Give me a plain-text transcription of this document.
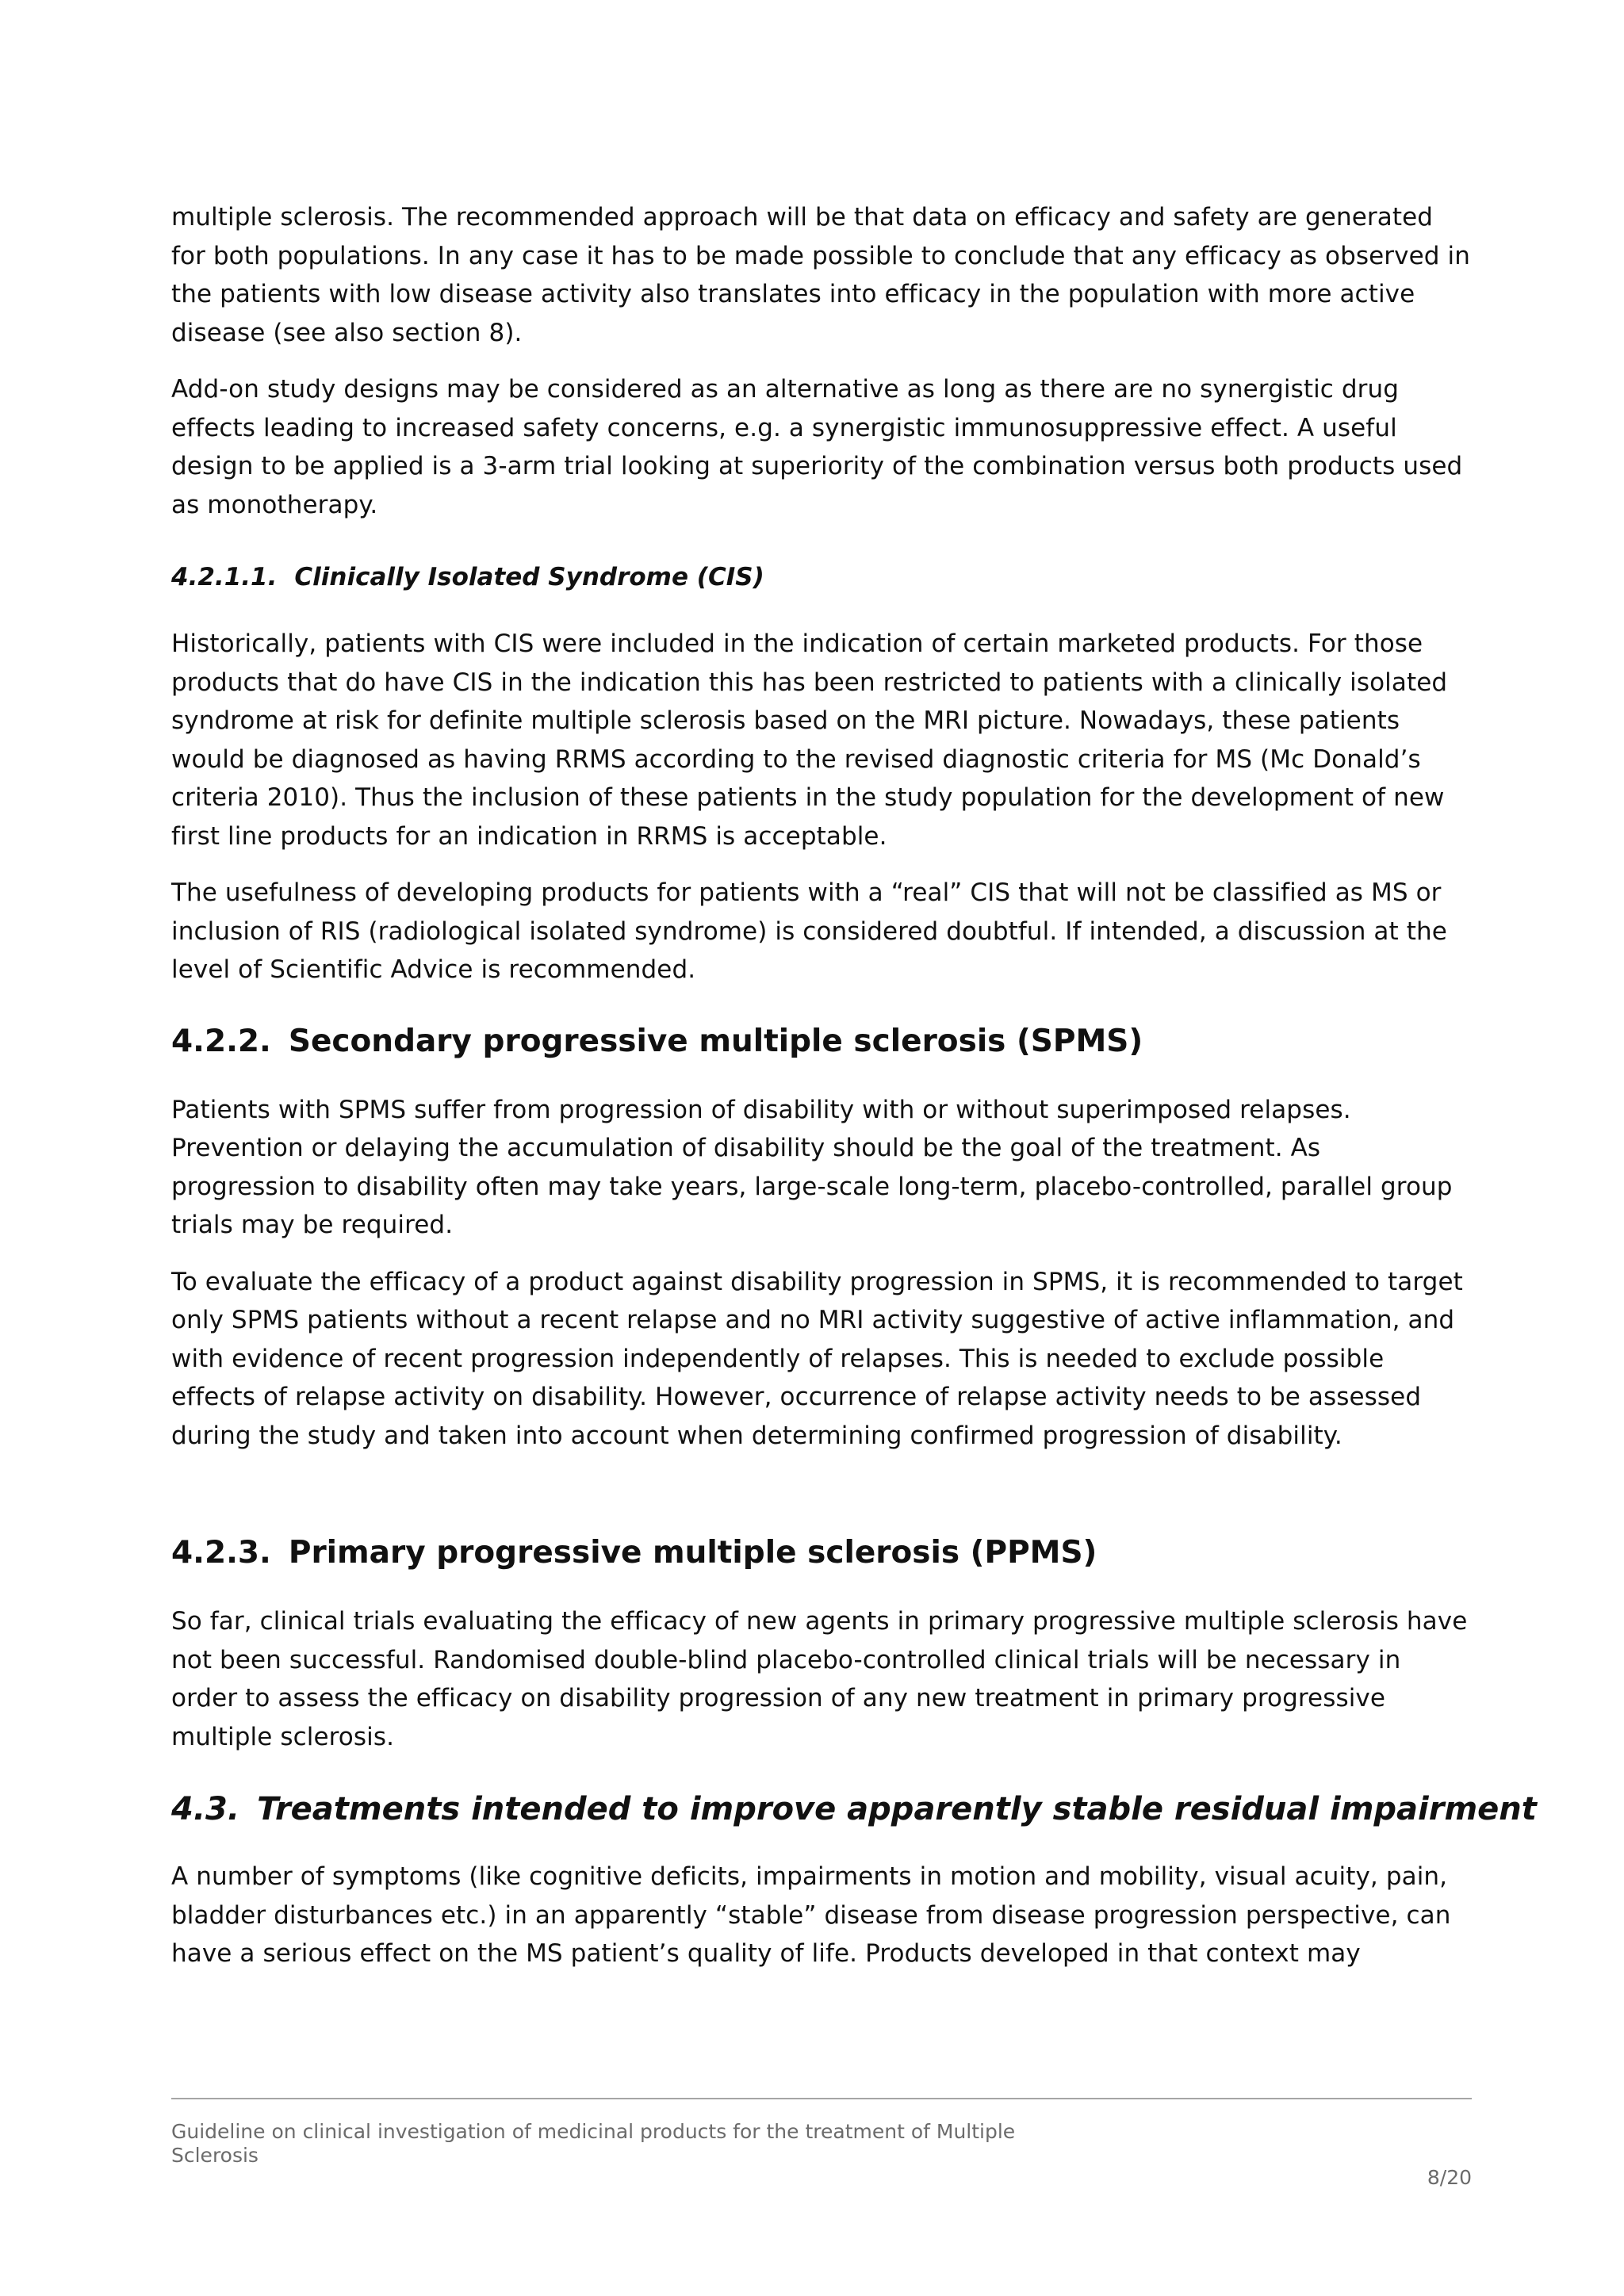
multiple sclerosis. The recommended approach will be that data on efficacy and safety are generated for both populations. In any case it has to be made possible to conclude that any efficacy as observed in the patients with low disease activity also translates into efficacy in the population with more active disease (see also section 8).

Add-on study designs may be considered as an alternative as long as there are no synergistic drug effects leading to increased safety concerns, e.g. a synergistic immunosuppressive effect. A useful design to be applied is a 3-arm trial looking at superiority of the combination versus both products used as monotherapy.

4.2.1.1. Clinically Isolated Syndrome (CIS)

Historically, patients with CIS were included in the indication of certain marketed products. For those products that do have CIS in the indication this has been restricted to patients with a clinically isolated syndrome at risk for definite multiple sclerosis based on the MRI picture. Nowadays, these patients would be diagnosed as having RRMS according to the revised diagnostic criteria for MS (Mc Donald’s criteria 2010). Thus the inclusion of these patients in the study population for the development of new first line products for an indication in RRMS is acceptable.

The usefulness of developing products for patients with a “real” CIS that will not be classified as MS or inclusion of RIS (radiological isolated syndrome) is considered doubtful. If intended, a discussion at the level of Scientific Advice is recommended.

4.2.2. Secondary progressive multiple sclerosis (SPMS)

Patients with SPMS suffer from progression of disability with or without superimposed relapses. Prevention or delaying the accumulation of disability should be the goal of the treatment. As progression to disability often may take years, large-scale long-term, placebo-controlled, parallel group trials may be required.

To evaluate the efficacy of a product against disability progression in SPMS, it is recommended to target only SPMS patients without a recent relapse and no MRI activity suggestive of active inflammation, and with evidence of recent progression independently of relapses. This is needed to exclude possible effects of relapse activity on disability. However, occurrence of relapse activity needs to be assessed during the study and taken into account when determining confirmed progression of disability.

4.2.3. Primary progressive multiple sclerosis (PPMS)

So far, clinical trials evaluating the efficacy of new agents in primary progressive multiple sclerosis have not been successful. Randomised double-blind placebo-controlled clinical trials will be necessary in order to assess the efficacy on disability progression of any new treatment in primary progressive multiple sclerosis.

4.3. Treatments intended to improve apparently stable residual impairment

A number of symptoms (like cognitive deficits, impairments in motion and mobility, visual acuity, pain, bladder disturbances etc.) in an apparently “stable” disease from disease progression perspective, can have a serious effect on the MS patient’s quality of life. Products developed in that context may

Guideline on clinical investigation of medicinal products for the treatment of Multiple Sclerosis
8/20
